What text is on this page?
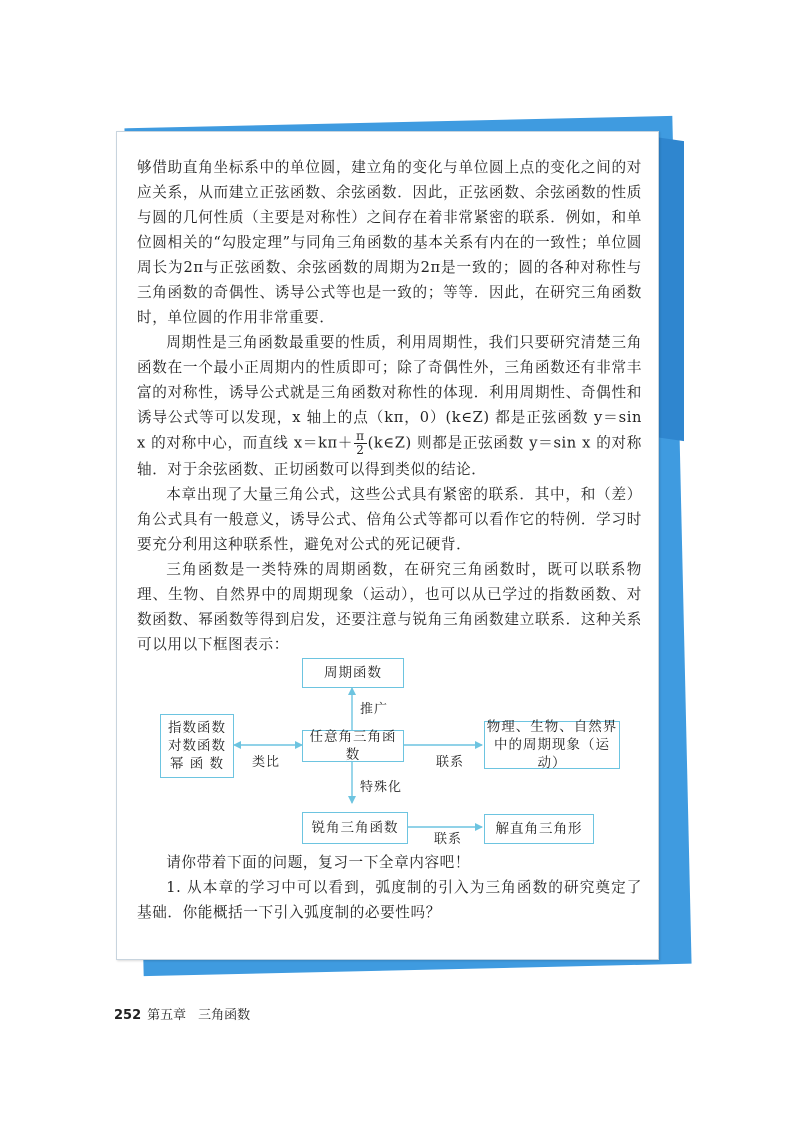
够借助直角坐标系中的单位圆，建立角的变化与单位圆上点的变化之间的对应关系，从而建立正弦函数、余弦函数．因此，正弦函数、余弦函数的性质与圆的几何性质（主要是对称性）之间存在着非常紧密的联系．例如，和单位圆相关的“勾股定理”与同角三角函数的基本关系有内在的一致性；单位圆周长为2π与正弦函数、余弦函数的周期为2π是一致的；圆的各种对称性与三角函数的奇偶性、诱导公式等也是一致的；等等．因此，在研究三角函数时，单位圆的作用非常重要．

周期性是三角函数最重要的性质，利用周期性，我们只要研究清楚三角函数在一个最小正周期内的性质即可；除了奇偶性外，三角函数还有非常丰富的对称性，诱导公式就是三角函数对称性的体现．利用周期性、奇偶性和诱导公式等可以发现，x 轴上的点（kπ，0）(k∈Z) 都是正弦函数 y＝sin x 的对称中心，而直线 $x=k\pi+ \frac{\pi}{2}$ (k∈Z) 则都是正弦函数 y＝sin x 的对称轴．对于余弦函数、正切函数可以得到类似的结论．

本章出现了大量三角公式，这些公式具有紧密的联系．其中，和（差）角公式具有一般意义，诱导公式、倍角公式等都可以看作它的特例．学习时要充分利用这种联系性，避免对公式的死记硬背．

三角函数是一类特殊的周期函数，在研究三角函数时，既可以联系物理、生物、自然界中的周期现象（运动），也可以从已学过的指数函数、对数函数、幂函数等得到启发，还要注意与锐角三角函数建立联系．这种关系可以用以下框图表示：

周期函数
任意角三角函数
指数函数
对数函数
幂 函 数
物理、生物、自然界
中的周期现象（运动）
锐角三角函数	解直角三角形
推广
特殊化
类比	联系
联系

请你带着下面的问题，复习一下全章内容吧！

1. 从本章的学习中可以看到，弧度制的引入为三角函数的研究奠定了基础．你能概括一下引入弧度制的必要性吗？

252 第五章 三角函数
